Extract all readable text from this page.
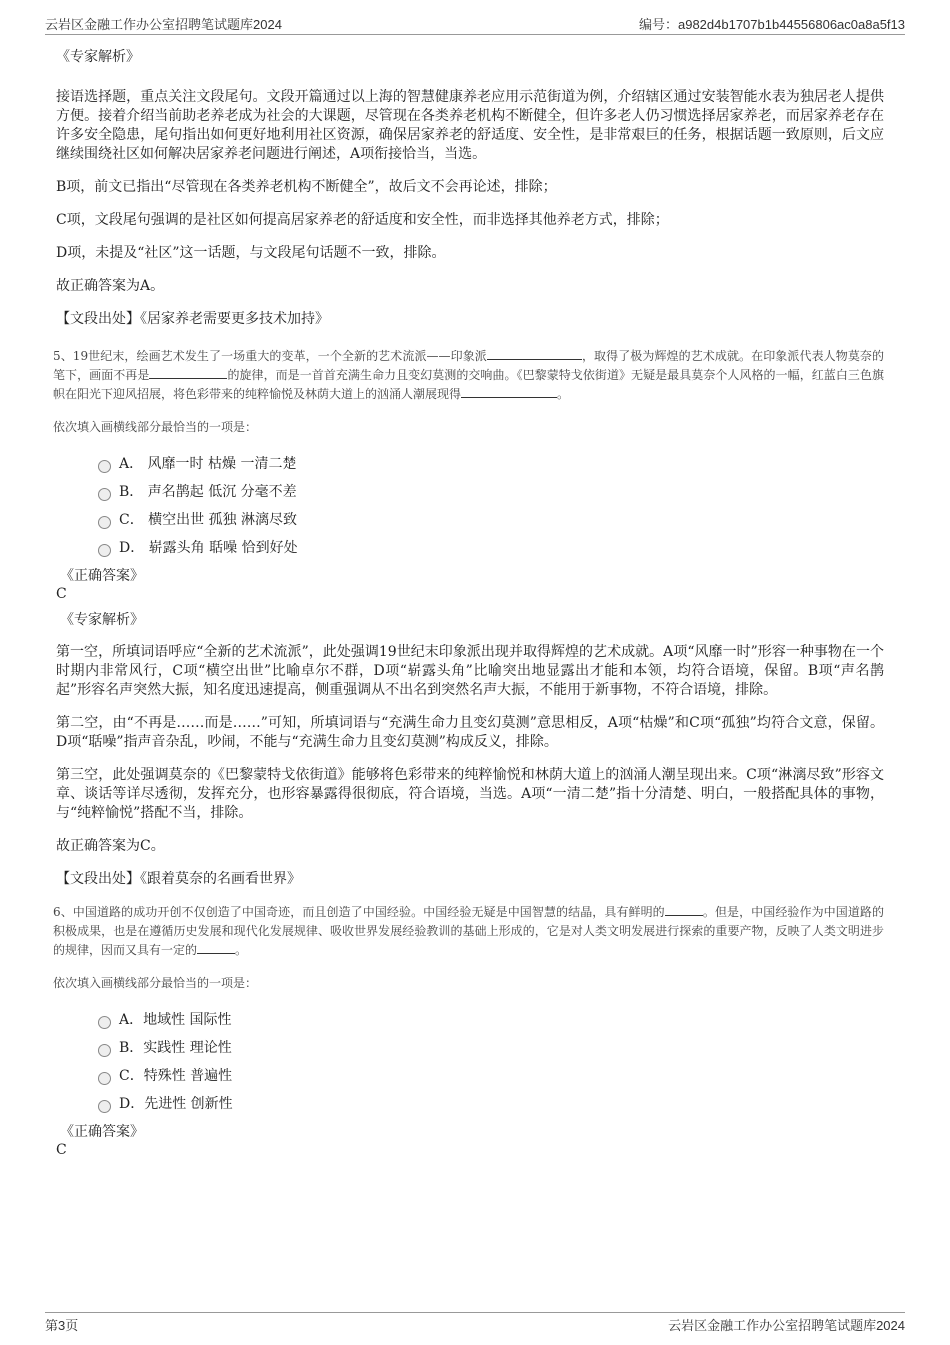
云岩区金融工作办公室招聘笔试题库2024	编号：a982d4b1707b1b44556806ac0a8a5f13

《专家解析》

接语选择题，重点关注文段尾句。文段开篇通过以上海的智慧健康养老应用示范街道为例，介绍辖区通过安装智能水表为独居老人提供方便。接着介绍当前助老养老成为社会的大课题，尽管现在各类养老机构不断健全，但许多老人仍习惯选择居家养老，而居家养老存在许多安全隐患，尾句指出如何更好地利用社区资源，确保居家养老的舒适度、安全性，是非常艰巨的任务，根据话题一致原则，后文应继续围绕社区如何解决居家养老问题进行阐述，A项衔接恰当，当选。

B项，前文已指出“尽管现在各类养老机构不断健全”，故后文不会再论述，排除；

C项，文段尾句强调的是社区如何提高居家养老的舒适度和安全性，而非选择其他养老方式，排除；

D项，未提及“社区”这一话题，与文段尾句话题不一致，排除。

故正确答案为A。

【文段出处】《居家养老需要更多技术加持》

5、19世纪末，绘画艺术发生了一场重大的变革，一个全新的艺术流派——印象派	，取得了极为辉煌的艺术成就。在印象派代表人物莫奈的笔下，画面不再是	的旋律，而是一首首充满生命力且变幻莫测的交响曲。《巴黎蒙特戈依街道》无疑是最具莫奈个人风格的一幅，红蓝白三色旗帜在阳光下迎风招展，将色彩带来的纯粹愉悦及林荫大道上的汹涌人潮展现得	。

依次填入画横线部分最恰当的一项是：

A． 风靡一时 枯燥 一清二楚
B． 声名鹊起 低沉 分毫不差
C． 横空出世 孤独 淋漓尽致
D． 崭露头角 聒噪 恰到好处

《正确答案》

C

《专家解析》

第一空，所填词语呼应“全新的艺术流派”，此处强调19世纪末印象派出现并取得辉煌的艺术成就。A项“风靡一时”形容一种事物在一个时期内非常风行，C项“横空出世”比喻卓尔不群，D项“崭露头角”比喻突出地显露出才能和本领，均符合语境，保留。B项“声名鹊起”形容名声突然大振，知名度迅速提高，侧重强调从不出名到突然名声大振，不能用于新事物，不符合语境，排除。

第二空，由“不再是……而是……”可知，所填词语与“充满生命力且变幻莫测”意思相反，A项“枯燥”和C项“孤独”均符合文意，保留。D项“聒噪”指声音杂乱，吵闹，不能与“充满生命力且变幻莫测”构成反义，排除。

第三空，此处强调莫奈的《巴黎蒙特戈依街道》能够将色彩带来的纯粹愉悦和林荫大道上的汹涌人潮呈现出来。C项“淋漓尽致”形容文章、谈话等详尽透彻，发挥充分，也形容暴露得很彻底，符合语境，当选。A项“一清二楚”指十分清楚、明白，一般搭配具体的事物，与“纯粹愉悦”搭配不当，排除。

故正确答案为C。

【文段出处】《跟着莫奈的名画看世界》

6、中国道路的成功开创不仅创造了中国奇迹，而且创造了中国经验。中国经验无疑是中国智慧的结晶，具有鲜明的	。但是，中国经验作为中国道路的积极成果，也是在遵循历史发展和现代化发展规律、吸收世界发展经验教训的基础上形成的，它是对人类文明发展进行探索的重要产物，反映了人类文明进步的规律，因而又具有一定的	。

依次填入画横线部分最恰当的一项是：

A．地域性 国际性
B．实践性 理论性
C．特殊性 普遍性
D．先进性 创新性

《正确答案》

C

第3页	云岩区金融工作办公室招聘笔试题库2024
